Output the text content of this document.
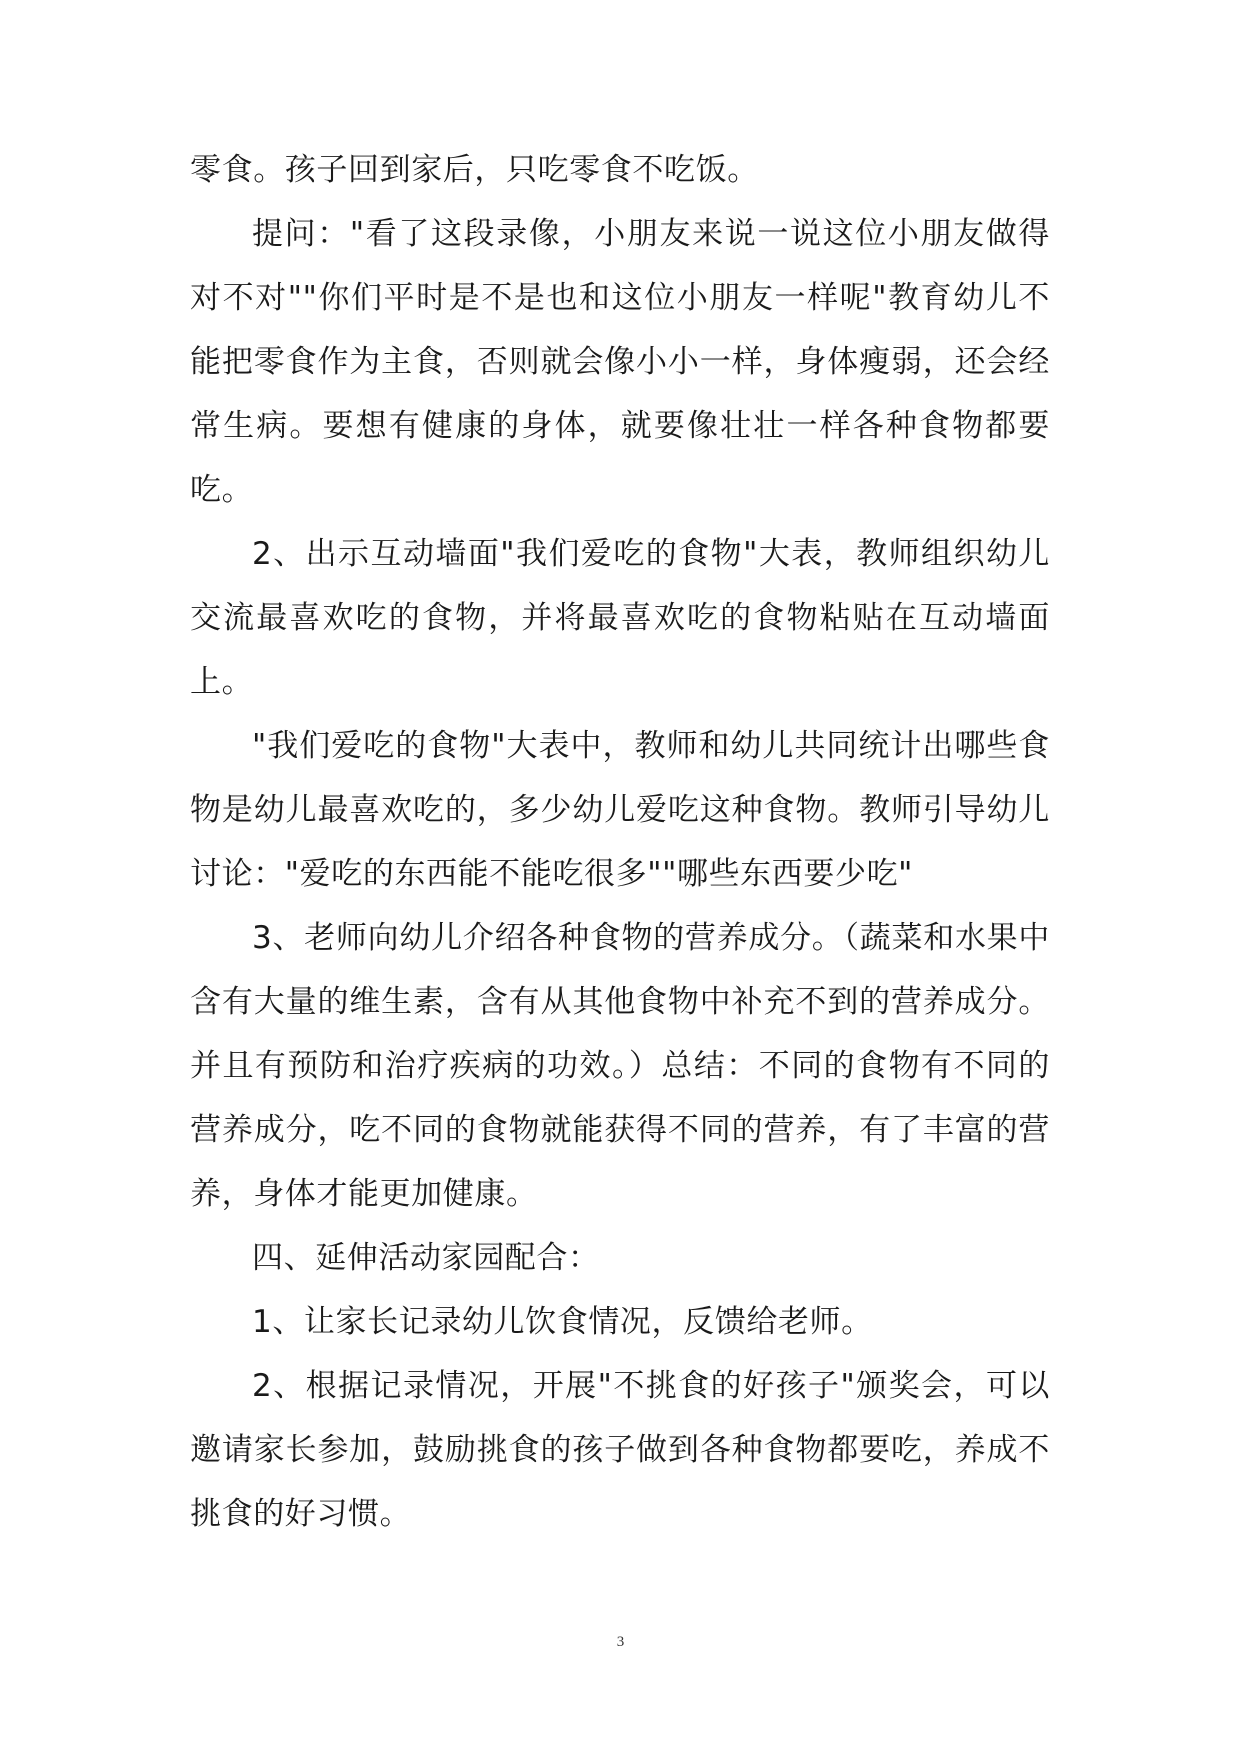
零食。孩子回到家后，只吃零食不吃饭。

提问："看了这段录像，小朋友来说一说这位小朋友做得对不对""你们平时是不是也和这位小朋友一样呢"教育幼儿不能把零食作为主食，否则就会像小小一样，身体瘦弱，还会经常生病。要想有健康的身体，就要像壮壮一样各种食物都要吃。

2、出示互动墙面"我们爱吃的食物"大表，教师组织幼儿交流最喜欢吃的食物，并将最喜欢吃的食物粘贴在互动墙面上。

"我们爱吃的食物"大表中，教师和幼儿共同统计出哪些食物是幼儿最喜欢吃的，多少幼儿爱吃这种食物。教师引导幼儿讨论："爱吃的东西能不能吃很多""哪些东西要少吃"

3、老师向幼儿介绍各种食物的营养成分。（蔬菜和水果中含有大量的维生素，含有从其他食物中补充不到的营养成分。并且有预防和治疗疾病的功效。）总结：不同的食物有不同的营养成分，吃不同的食物就能获得不同的营养，有了丰富的营养，身体才能更加健康。

四、延伸活动家园配合：

1、让家长记录幼儿饮食情况，反馈给老师。

2、根据记录情况，开展"不挑食的好孩子"颁奖会，可以邀请家长参加，鼓励挑食的孩子做到各种食物都要吃，养成不挑食的好习惯。

3
